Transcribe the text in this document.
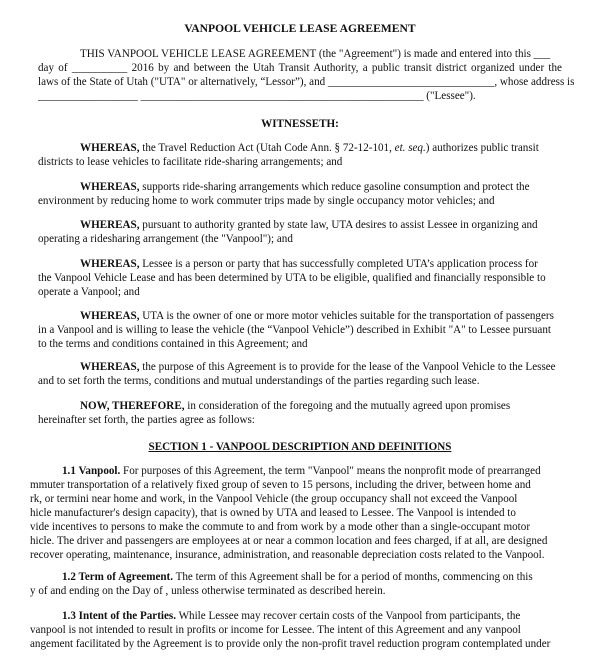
VANPOOL VEHICLE LEASE AGREEMENT
THIS VANPOOL VEHICLE LEASE AGREEMENT (the "Agreement") is made and entered into this ___
day of __________ 2016 by and between the Utah Transit Authority, a public transit district organized under the
laws of the State of Utah ("UTA" or alternatively, “Lessor”), and ______________________________, whose address is
__________________ ___________________________________________________ ("Lessee").
WITNESSETH:
WHEREAS, the Travel Reduction Act (Utah Code Ann. § 72-12-101, et. seq.) authorizes public transit
districts to lease vehicles to facilitate ride-sharing arrangements; and
WHEREAS, supports ride-sharing arrangements which reduce gasoline consumption and protect the
environment by reducing home to work commuter trips made by single occupancy motor vehicles; and
WHEREAS, pursuant to authority granted by state law, UTA desires to assist Lessee in organizing and
operating a ridesharing arrangement (the "Vanpool"); and
WHEREAS, Lessee is a person or party that has successfully completed UTA’s application process for
the Vanpool Vehicle Lease and has been determined by UTA to be eligible, qualified and financially responsible to
operate a Vanpool; and
WHEREAS, UTA is the owner of one or more motor vehicles suitable for the transportation of passengers
in a Vanpool and is willing to lease the vehicle (the “Vanpool Vehicle”) described in Exhibit "A" to Lessee pursuant
to the terms and conditions contained in this Agreement; and
WHEREAS, the purpose of this Agreement is to provide for the lease of the Vanpool Vehicle to the Lessee
and to set forth the terms, conditions and mutual understandings of the parties regarding such lease.
NOW, THEREFORE, in consideration of the foregoing and the mutually agreed upon promises
hereinafter set forth, the parties agree as follows:
SECTION 1 - VANPOOL DESCRIPTION AND DEFINITIONS
1.1 Vanpool. For purposes of this Agreement, the term "Vanpool" means the nonprofit mode of prearranged
mmuter transportation of a relatively fixed group of seven to 15 persons, including the driver, between home and
rk, or termini near home and work, in the Vanpool Vehicle (the group occupancy shall not exceed the Vanpool
hicle manufacturer's design capacity), that is owned by UTA and leased to Lessee. The Vanpool is intended to
vide incentives to persons to make the commute to and from work by a mode other than a single-occupant motor
hicle. The driver and passengers are employees at or near a common location and fees charged, if at all, are designed
recover operating, maintenance, insurance, administration, and reasonable depreciation costs related to the Vanpool.
1.2 Term of Agreement. The term of this Agreement shall be for a period of months, commencing on this
y of and ending on the Day of , unless otherwise terminated as described herein.
1.3 Intent of the Parties. While Lessee may recover certain costs of the Vanpool from participants, the
vanpool is not intended to result in profits or income for Lessee. The intent of this Agreement and any vanpool
angement facilitated by the Agreement is to provide only the non-profit travel reduction program contemplated under
